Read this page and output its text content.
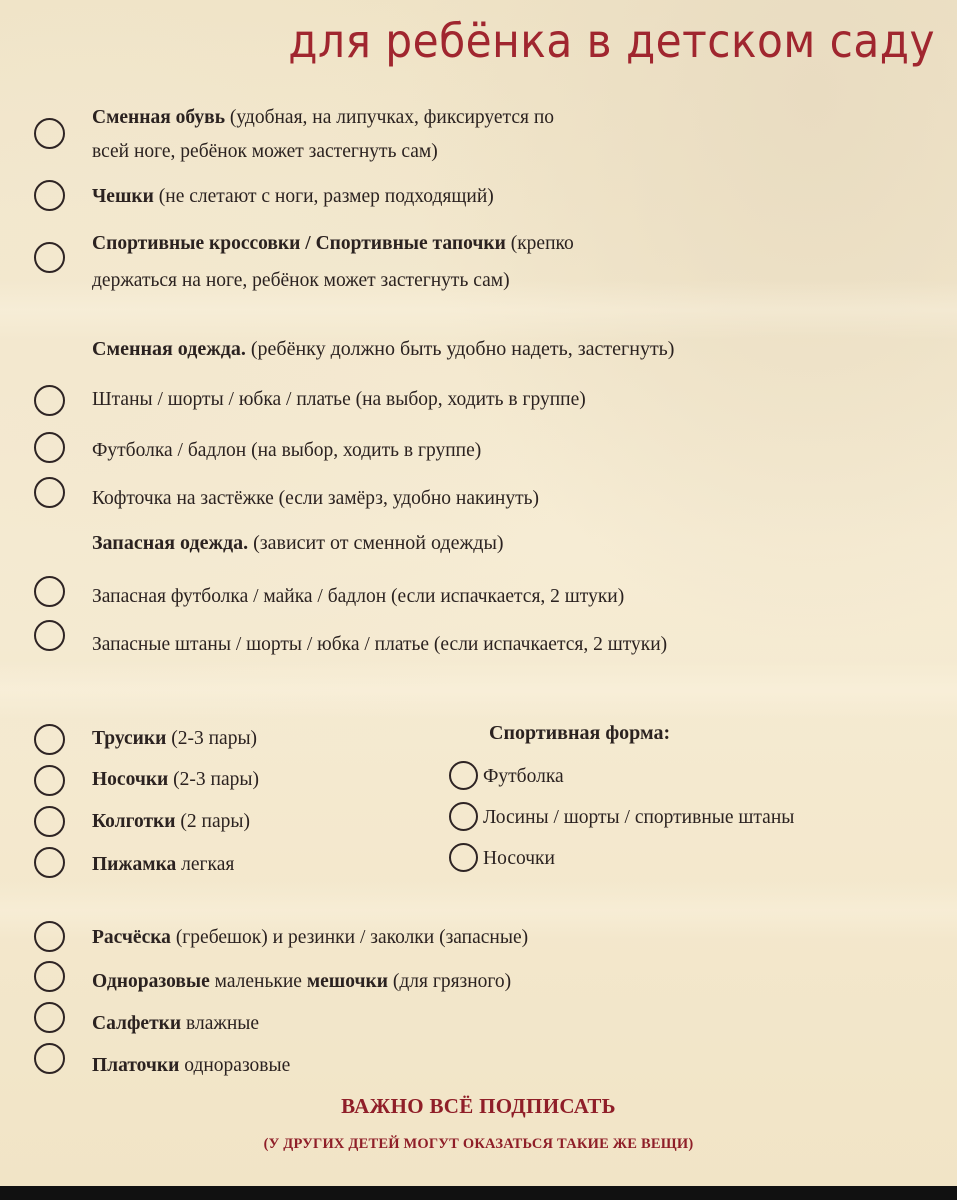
для ребёнка в детском саду
Сменная обувь (удобная, на липучках, фиксируется по
всей ноге, ребёнок может застегнуть сам)
Чешки (не слетают с ноги, размер подходящий)
Спортивные кроссовки / Спортивные тапочки (крепко
держаться на ноге, ребёнок может застегнуть сам)
Сменная одежда. (ребёнку должно быть удобно надеть, застегнуть)
Штаны / шорты / юбка / платье (на выбор, ходить в группе)
Футболка / бадлон (на выбор, ходить в группе)
Кофточка на застёжке (если замёрз, удобно накинуть)
Запасная одежда. (зависит от сменной одежды)
Запасная футболка / майка / бадлон (если испачкается, 2 штуки)
Запасные штаны / шорты / юбка / платье (если испачкается, 2 штуки)
Трусики (2-3 пары)
Носочки (2-3 пары)
Колготки (2 пары)
Пижамка легкая
Спортивная форма:
Футболка
Лосины / шорты / спортивные штаны
Носочки
Расчёска (гребешок) и резинки / заколки (запасные)
Одноразовые маленькие мешочки (для грязного)
Салфетки влажные
Платочки одноразовые
ВАЖНО ВСЁ ПОДПИСАТЬ
(У ДРУГИХ ДЕТЕЙ МОГУТ ОКАЗАТЬСЯ ТАКИЕ ЖЕ ВЕЩИ)
